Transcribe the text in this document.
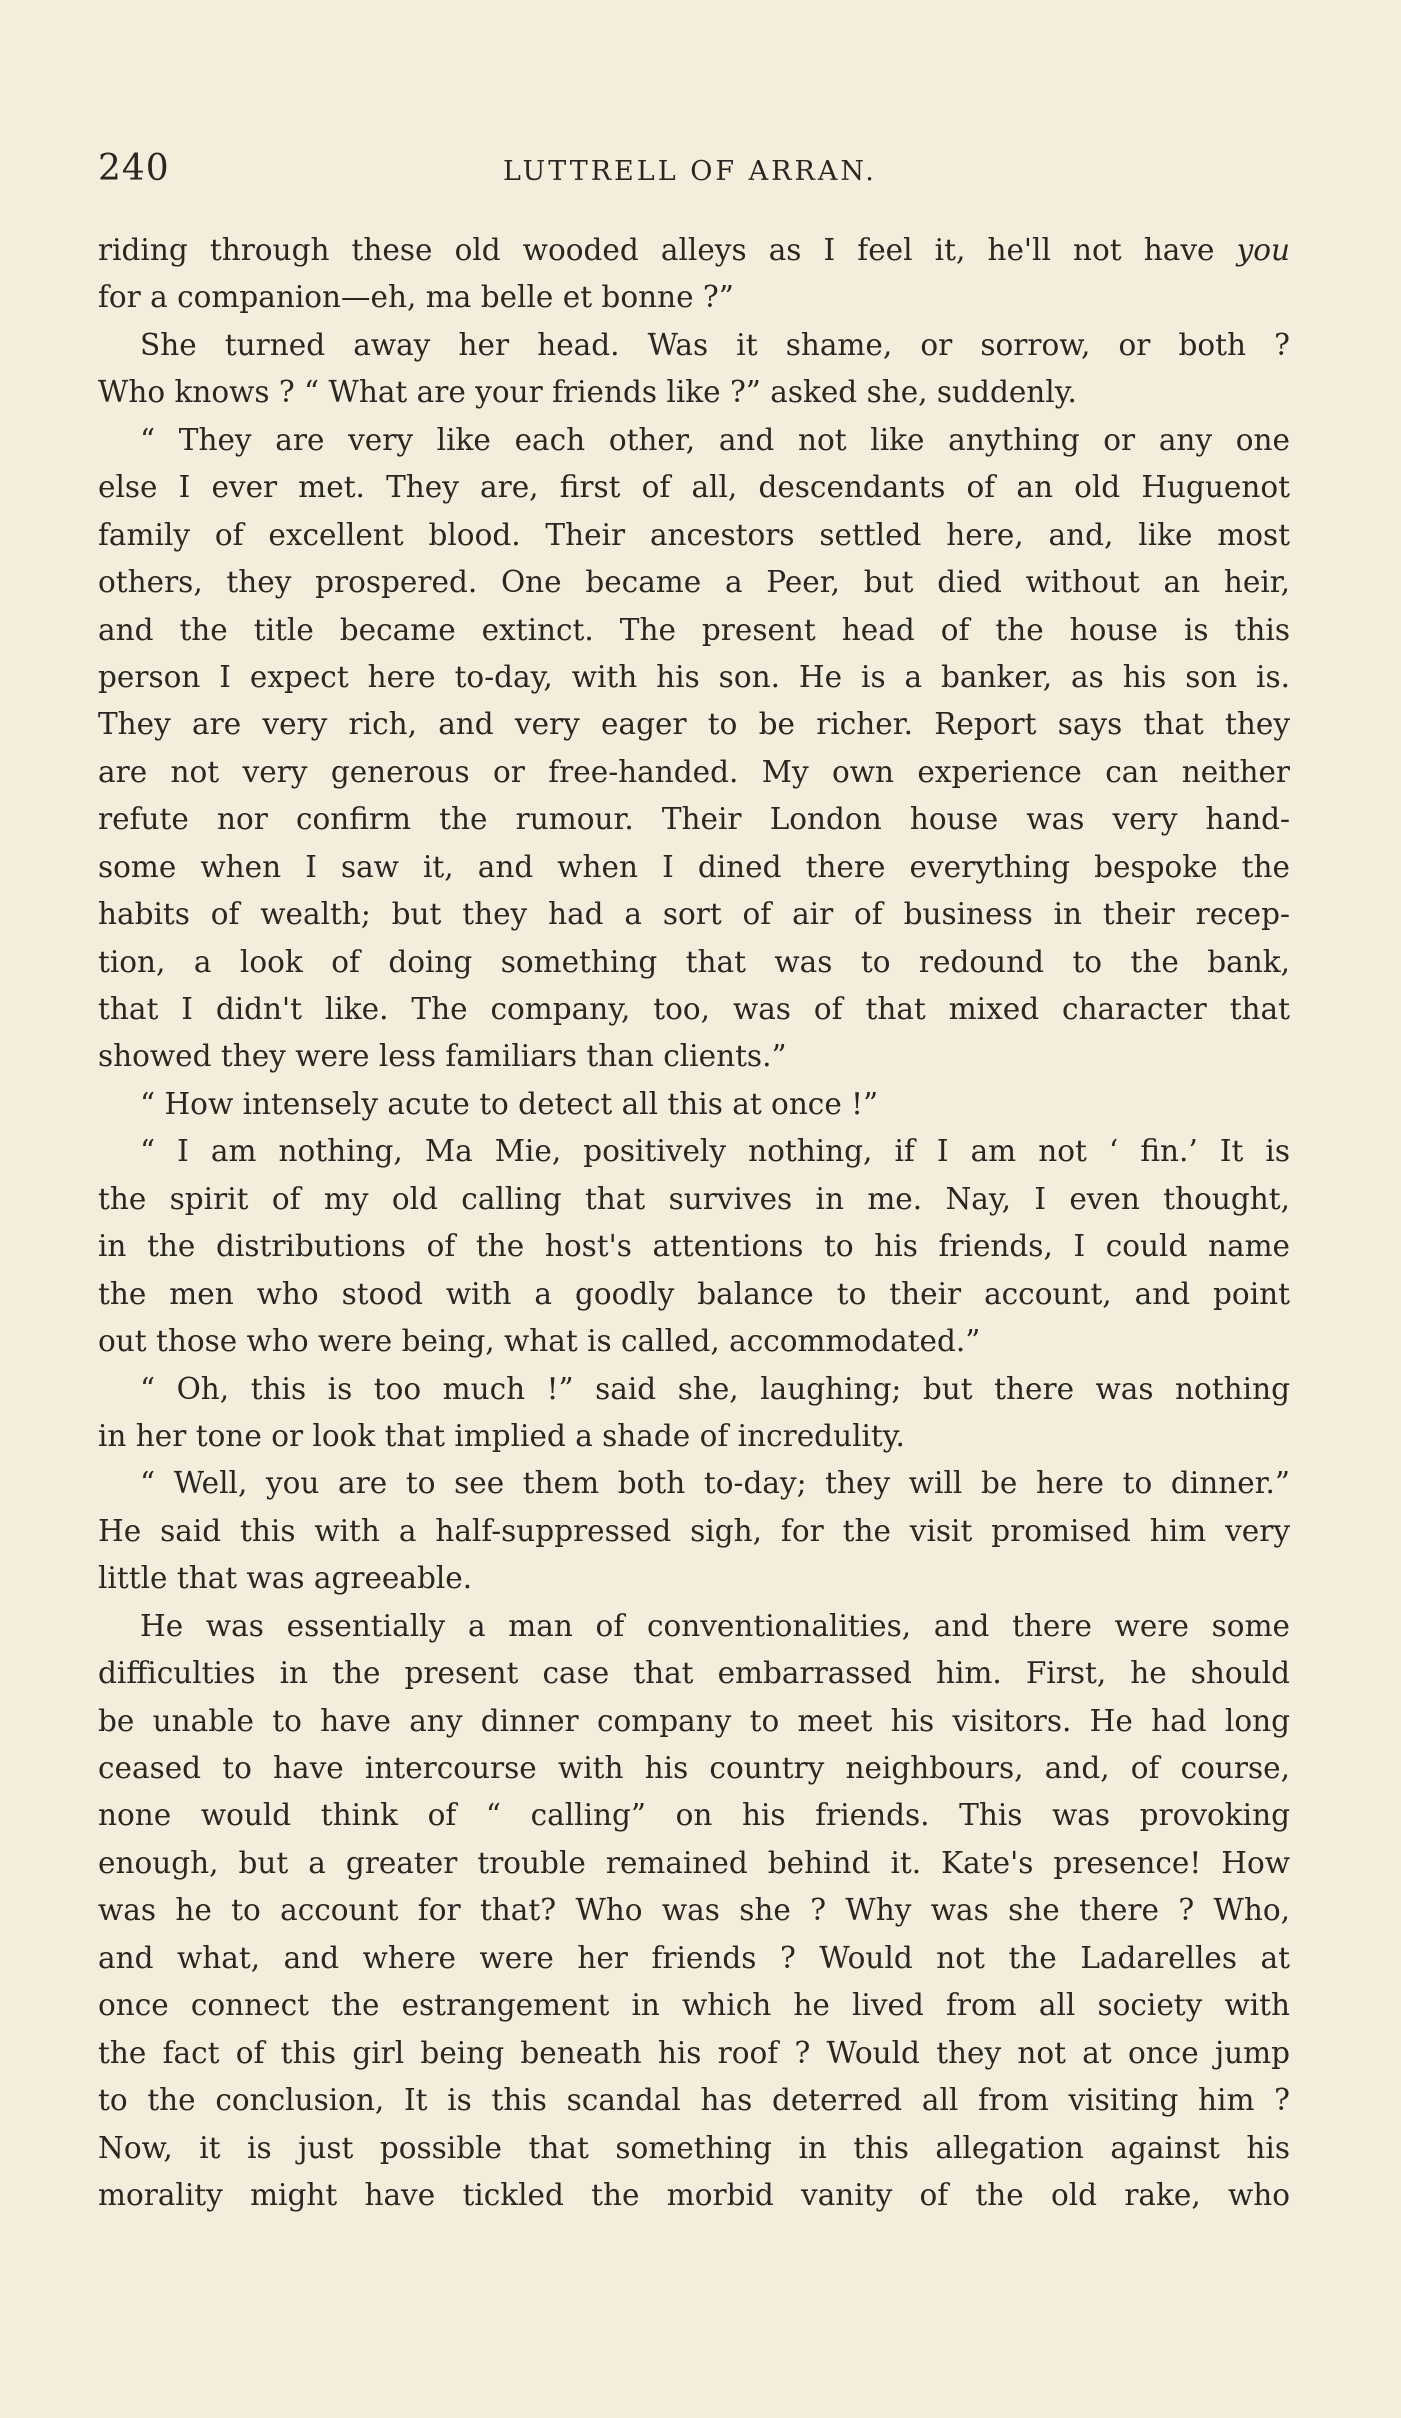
240	LUTTRELL OF ARRAN.
riding through these old wooded alleys as I feel it, he'll not have you
for a companion—eh, ma belle et bonne ?”
She turned away her head. Was it shame, or sorrow, or both ?
Who knows ? “ What are your friends like ?” asked she, suddenly.
“ They are very like each other, and not like anything or any one
else I ever met. They are, first of all, descendants of an old Huguenot
family of excellent blood. Their ancestors settled here, and, like most
others, they prospered. One became a Peer, but died without an heir,
and the title became extinct. The present head of the house is this
person I expect here to-day, with his son. He is a banker, as his son is.
They are very rich, and very eager to be richer. Report says that they
are not very generous or free-handed. My own experience can neither
refute nor confirm the rumour. Their London house was very hand-
some when I saw it, and when I dined there everything bespoke the
habits of wealth; but they had a sort of air of business in their recep-
tion, a look of doing something that was to redound to the bank,
that I didn't like. The company, too, was of that mixed character that
showed they were less familiars than clients.”
“ How intensely acute to detect all this at once !”
“ I am nothing, Ma Mie, positively nothing, if I am not ‘ fin.’ It is
the spirit of my old calling that survives in me. Nay, I even thought,
in the distributions of the host's attentions to his friends, I could name
the men who stood with a goodly balance to their account, and point
out those who were being, what is called, accommodated.”
“ Oh, this is too much !” said she, laughing; but there was nothing
in her tone or look that implied a shade of incredulity.
“ Well, you are to see them both to-day; they will be here to dinner.”
He said this with a half-suppressed sigh, for the visit promised him very
little that was agreeable.
He was essentially a man of conventionalities, and there were some
difficulties in the present case that embarrassed him. First, he should
be unable to have any dinner company to meet his visitors. He had long
ceased to have intercourse with his country neighbours, and, of course,
none would think of “ calling” on his friends. This was provoking
enough, but a greater trouble remained behind it. Kate's presence! How
was he to account for that? Who was she ? Why was she there ? Who,
and what, and where were her friends ? Would not the Ladarelles at
once connect the estrangement in which he lived from all society with
the fact of this girl being beneath his roof ? Would they not at once jump
to the conclusion, It is this scandal has deterred all from visiting him ?
Now, it is just possible that something in this allegation against his
morality might have tickled the morbid vanity of the old rake, who
